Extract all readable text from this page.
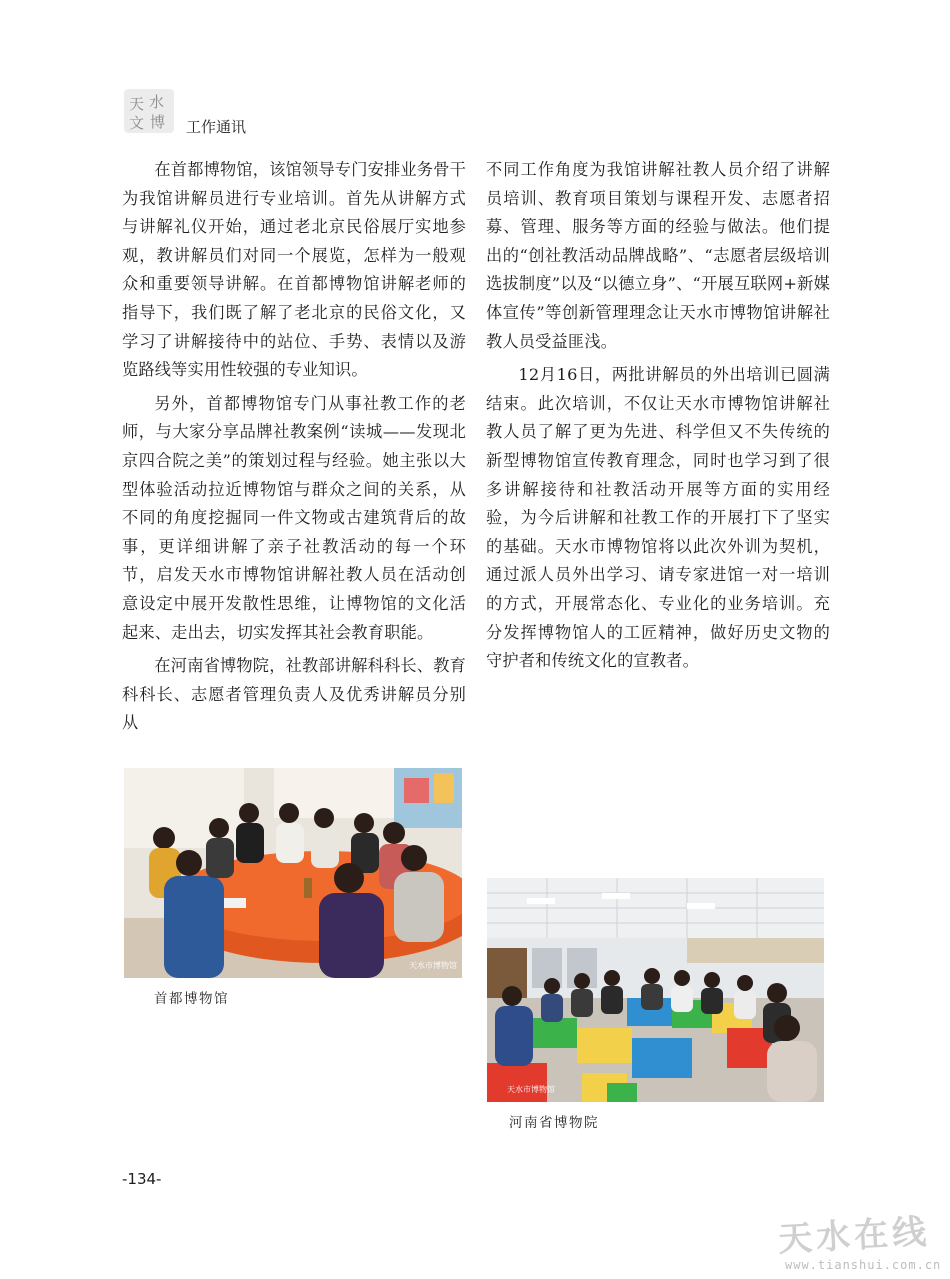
天 水
文 博 工作通讯

在首都博物馆，该馆领导专门安排业务骨干为我馆讲解员进行专业培训。首先从讲解方式与讲解礼仪开始，通过老北京民俗展厅实地参观，教讲解员们对同一个展览，怎样为一般观众和重要领导讲解。在首都博物馆讲解老师的指导下，我们既了解了老北京的民俗文化，又学习了讲解接待中的站位、手势、表情以及游览路线等实用性较强的专业知识。

另外，首都博物馆专门从事社教工作的老师，与大家分享品牌社教案例“读城——发现北京四合院之美”的策划过程与经验。她主张以大型体验活动拉近博物馆与群众之间的关系，从不同的角度挖掘同一件文物或古建筑背后的故事，更详细讲解了亲子社教活动的每一个环节，启发天水市博物馆讲解社教人员在活动创意设定中展开发散性思维，让博物馆的文化活起来、走出去，切实发挥其社会教育职能。

在河南省博物院，社教部讲解科科长、教育科科长、志愿者管理负责人及优秀讲解员分别从

不同工作角度为我馆讲解社教人员介绍了讲解员培训、教育项目策划与课程开发、志愿者招募、管理、服务等方面的经验与做法。他们提出的“创社教活动品牌战略”、“志愿者层级培训选拔制度”以及“以德立身”、“开展互联网+新媒体宣传”等创新管理理念让天水市博物馆讲解社教人员受益匪浅。

12月16日，两批讲解员的外出培训已圆满结束。此次培训，不仅让天水市博物馆讲解社教人员了解了更为先进、科学但又不失传统的新型博物馆宣传教育理念，同时也学习到了很多讲解接待和社教活动开展等方面的实用经验，为今后讲解和社教工作的开展打下了坚实的基础。天水市博物馆将以此次外训为契机，通过派人员外出学习、请专家进馆一对一培训的方式，开展常态化、专业化的业务培训。充分发挥博物馆人的工匠精神，做好历史文物的守护者和传统文化的宣教者。

天水市博物馆
首都博物馆
天水市博物馆
河南省博物院
-134-
天水在线
www.tianshui.com.cn
